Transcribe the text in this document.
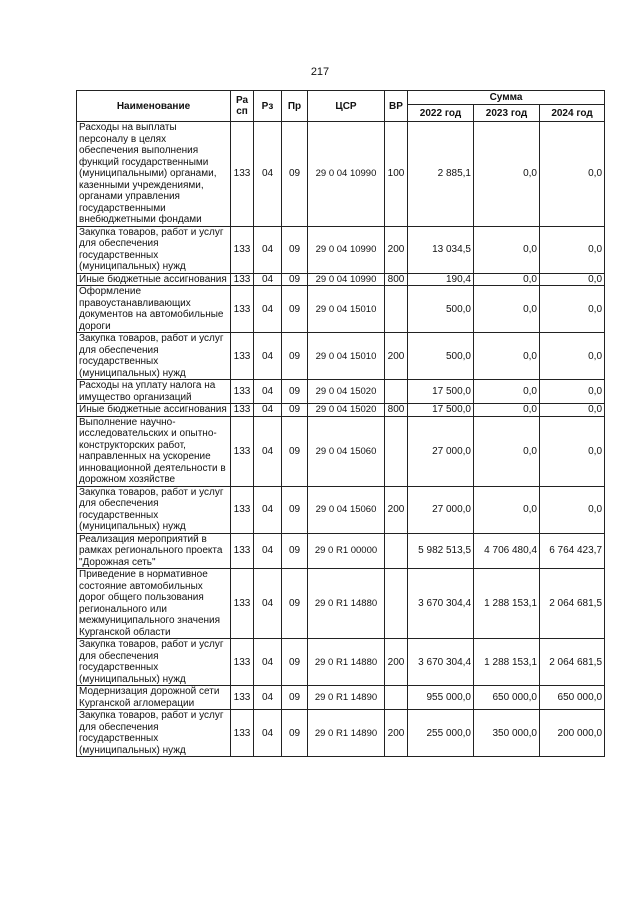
217
Наименование	Ра сп	Рз	Пр	ЦСР	ВР	Сумма		
						2022 год	2023 год	2024 год
Расходы на выплаты персоналу в целях обеспечения выполнения функций государственными (муниципальными) органами, казенными учреждениями, органами управления государственными внебюджетными фондами	133	04	09	29 0 04 10990	100	2 885,1	0,0	0,0
Закупка товаров, работ и услуг для обеспечения государственных (муниципальных) нужд	133	04	09	29 0 04 10990	200	13 034,5	0,0	0,0
Иные бюджетные ассигнования	133	04	09	29 0 04 10990	800	190,4	0,0	0,0
Оформление правоустанавливающих документов на автомобильные дороги	133	04	09	29 0 04 15010		500,0	0,0	0,0
Закупка товаров, работ и услуг для обеспечения государственных (муниципальных) нужд	133	04	09	29 0 04 15010	200	500,0	0,0	0,0
Расходы на уплату налога на имущество организаций	133	04	09	29 0 04 15020		17 500,0	0,0	0,0
Иные бюджетные ассигнования	133	04	09	29 0 04 15020	800	17 500,0	0,0	0,0
Выполнение научно-исследовательских и опытно-конструкторских работ, направленных на ускорение инновационной деятельности в дорожном хозяйстве	133	04	09	29 0 04 15060		27 000,0	0,0	0,0
Закупка товаров, работ и услуг для обеспечения государственных (муниципальных) нужд	133	04	09	29 0 04 15060	200	27 000,0	0,0	0,0
Реализация мероприятий в рамках регионального проекта "Дорожная сеть"	133	04	09	29 0 R1 00000		5 982 513,5	4 706 480,4	6 764 423,7
Приведение в нормативное состояние автомобильных дорог общего пользования регионального или межмуниципального значения Курганской области	133	04	09	29 0 R1 14880		3 670 304,4	1 288 153,1	2 064 681,5
Закупка товаров, работ и услуг для обеспечения государственных (муниципальных) нужд	133	04	09	29 0 R1 14880	200	3 670 304,4	1 288 153,1	2 064 681,5
Модернизация дорожной сети Курганской агломерации	133	04	09	29 0 R1 14890		955 000,0	650 000,0	650 000,0
Закупка товаров, работ и услуг для обеспечения государственных (муниципальных) нужд	133	04	09	29 0 R1 14890	200	255 000,0	350 000,0	200 000,0
